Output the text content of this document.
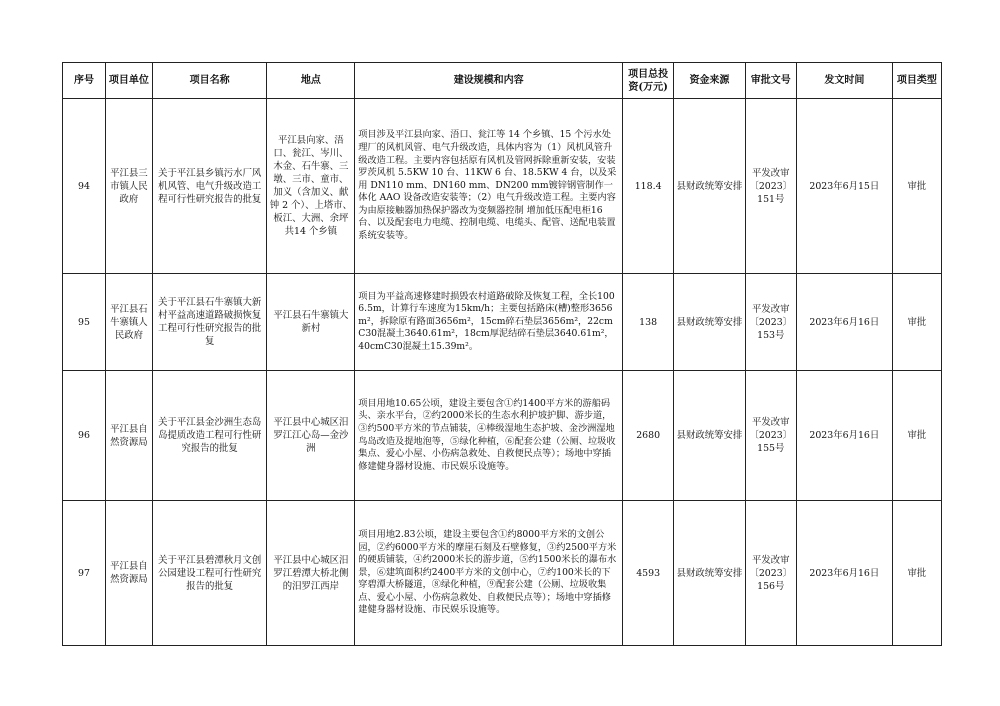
序号	项目单位	项目名称	地点	建设规模和内容	项目总投资(万元)	资金来源	审批文号	发文时间	项目类型
94	平江县三市镇人民政府	关于平江县乡镇污水厂风机风管、电气升级改造工程可行性研究报告的批复	平江县向家、浯口、瓮江、岑川、木金、石牛寨、三墩、三市、童市、加义（含加义、献钟 2 个）、上塔市、板江、大洲、余坪共14 个乡镇	项目涉及平江县向家、浯口、瓮江等 14 个乡镇、15 个污水处理厂的风机风管、电气升级改造，具体内容为（1）风机风管升级改造工程。主要内容包括原有风机及管网拆除重新安装，安装罗茨风机 5.5KW 10 台、11KW 6 台、18.5KW 4 台，以及采用 DN110 mm、DN160 mm、DN200 mm镀锌钢管制作一体化 AAO 设备改造安装等；（2）电气升级改造工程。主要内容为由原接触器加热保护器改为变频器控制 增加低压配电柜16台、以及配套电力电缆、控制电缆、电缆头、配管、送配电装置系统安装等。	118.4	县财政统筹安排	平发改审〔2023〕151号	2023年6月15日	审批
95	平江县石牛寨镇人民政府	关于平江县石牛寨镇大新村平益高速道路破损恢复工程可行性研究报告的批复	平江县石牛寨镇大新村	项目为平益高速修建时损毁农村道路破除及恢复工程，全长1006.5m，计算行车速度为15km/h；主要包括路床(槽)整形3656m²，拆除原有路面3656m²，15cm碎石垫层3656m²，22cmC30混凝土3640.61m²，18cm厚泥结碎石垫层3640.61m²，40cmC30混凝土15.39m²。	138	县财政统筹安排	平发改审〔2023〕153号	2023年6月16日	审批
96	平江县自然资源局	关于平江县金沙洲生态岛岛提质改造工程可行性研究报告的批复	平江县中心城区汨罗江江心岛—金沙洲	项目用地10.65公顷，建设主要包含①约1400平方米的游船码头、亲水平台，②约2000米长的生态水利护坡护脚、游步道，③约500平方米的节点铺装，④棒级湿地生态护坡、金沙洲湿地鸟岛改造及提地泡等，⑤绿化种植，⑥配套公建（公厕、垃圾收集点、爱心小屋、小伤病急救处、自救便民点等）；场地中穿插修建健身器材设施、市民娱乐设施等。	2680	县财政统筹安排	平发改审〔2023〕155号	2023年6月16日	审批
97	平江县自然资源局	关于平江县碧潭秋月文创公园建设工程可行性研究报告的批复	平江县中心城区汨罗江碧潭大桥北侧的汨罗江西岸	项目用地2.83公顷，建设主要包含①约8000平方米的文创公园，②约6000平方米的摩崖石刻及石壁修复，③约2500平方米的硬质铺装，④约2000米长的游步道，⑤约1500米长的瀑布水景，⑥建筑面积约2400平方米的文创中心，⑦约100米长的下穿碧潭大桥隧道，⑧绿化种植，⑨配套公建（公厕、垃圾收集点、爱心小屋、小伤病急救处、自救便民点等）；场地中穿插修建健身器材设施、市民娱乐设施等。	4593	县财政统筹安排	平发改审〔2023〕156号	2023年6月16日	审批
